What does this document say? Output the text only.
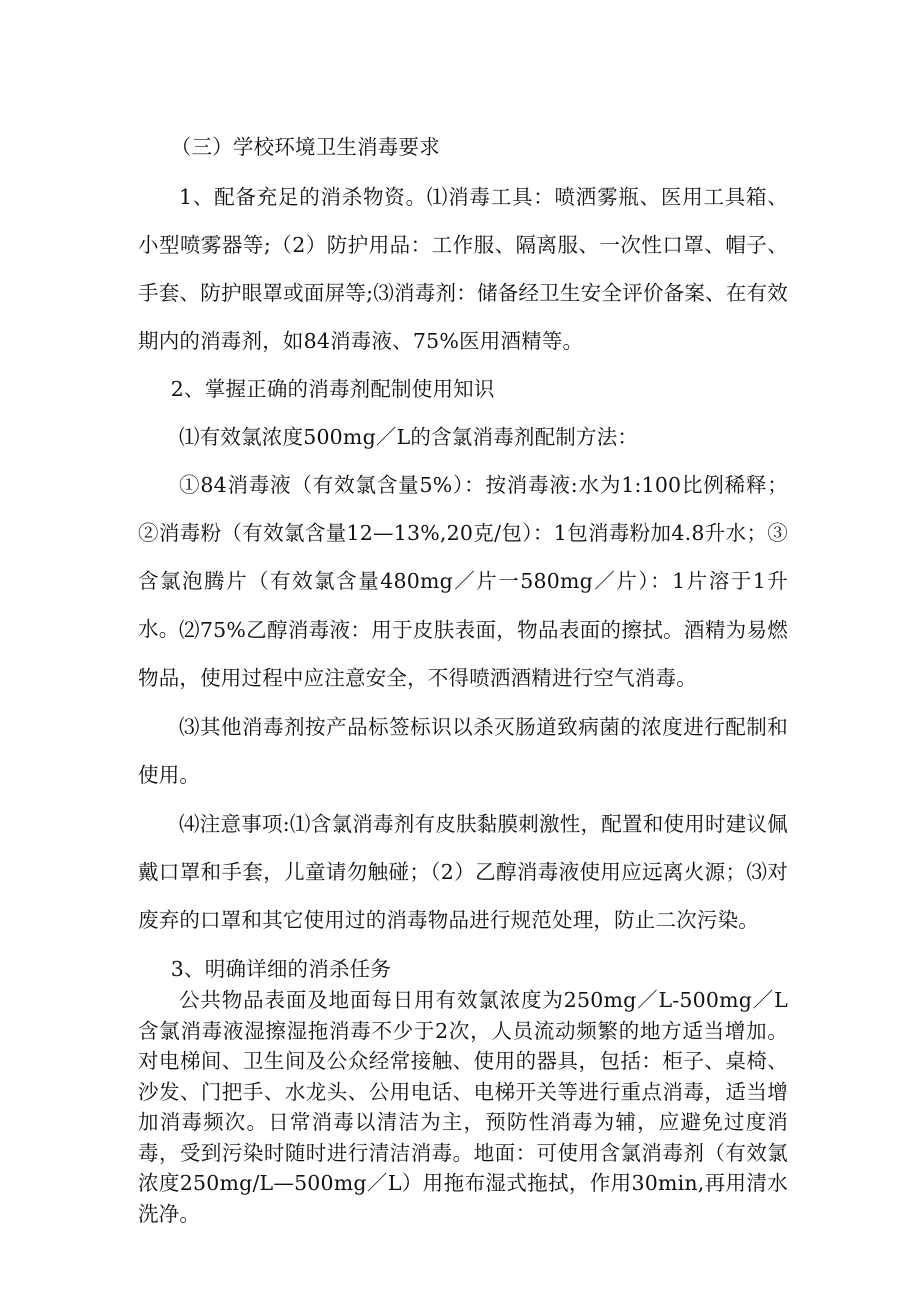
（三）学校环境卫生消毒要求

1、配备充足的消杀物资。⑴消毒工具：喷洒雾瓶、医用工具箱、小型喷雾器等;（2）防护用品：工作服、隔离服、一次性口罩、帽子、手套、防护眼罩或面屏等;⑶消毒剂：储备经卫生安全评价备案、在有效期内的消毒剂，如84消毒液、75%医用酒精等。

2、掌握正确的消毒剂配制使用知识

⑴有效氯浓度500mg／L的含氯消毒剂配制方法：

①84消毒液（有效氯含量5%）：按消毒液:水为1:100比例稀释；②消毒粉（有效氯含量12—13%,20克/包）：1包消毒粉加4.8升水；③含氯泡腾片（有效氯含量480mg／片一580mg／片）：1片溶于1升水。 ⑵75%乙醇消毒液：用于皮肤表面，物品表面的擦拭。酒精为易燃物品，使用过程中应注意安全，不得喷洒酒精进行空气消毒。

⑶其他消毒剂按产品标签标识以杀灭肠道致病菌的浓度进行配制和使用。

⑷注意事项:⑴含氯消毒剂有皮肤黏膜刺激性，配置和使用时建议佩戴口罩和手套，儿童请勿触碰；（2）乙醇消毒液使用应远离火源；⑶对废弃的口罩和其它使用过的消毒物品进行规范处理，防止二次污染。

3、明确详细的消杀任务

公共物品表面及地面每日用有效氯浓度为250mg／L-500mg／L含氯消毒液湿擦湿拖消毒不少于2次，人员流动频繁的地方适当增加。对电梯间、卫生间及公众经常接触、使用的器具，包括：柜子、桌椅、沙发、门把手、水龙头、公用电话、电梯开关等进行重点消毒，适当增加消毒频次。日常消毒以清洁为主，预防性消毒为辅，应避免过度消毒，受到污染时随时进行清洁消毒。地面：可使用含氯消毒剂（有效氯浓度250mg/L—500mg／L）用拖布湿式拖拭，作用30min,再用清水洗净。
